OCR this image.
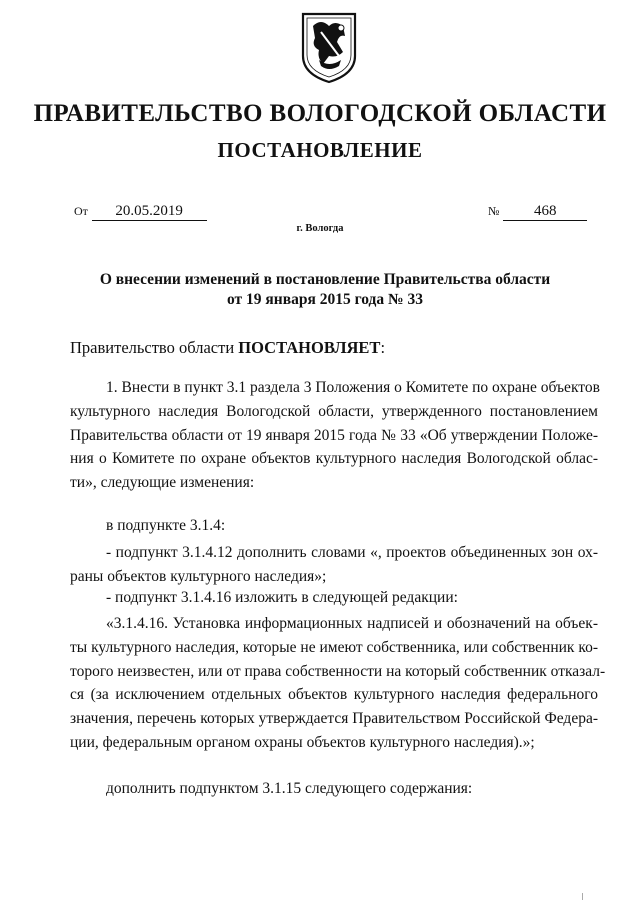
ПРАВИТЕЛЬСТВО ВОЛОГОДСКОЙ ОБЛАСТИ
ПОСТАНОВЛЕНИЕ
От 20.05.2019	№ 468
г. Вологда
О внесении изменений в постановление Правительства области
от 19 января 2015 года № 33

Правительство области ПОСТАНОВЛЯЕТ:

1. Внести в пункт 3.1 раздела 3 Положения о Комитете по охране объектов
культурного наследия Вологодской области, утвержденного постановлением
Правительства области от 19 января 2015 года № 33 «Об утверждении Положе-
ния о Комитете по охране объектов культурного наследия Вологодской облас-
ти», следующие изменения:

в подпункте 3.1.4:

- подпункт 3.1.4.12 дополнить словами «, проектов объединенных зон ох-
раны объектов культурного наследия»;

- подпункт 3.1.4.16 изложить в следующей редакции:

«3.1.4.16. Установка информационных надписей и обозначений на объек-
ты культурного наследия, которые не имеют собственника, или собственник ко-
торого неизвестен, или от права собственности на который собственник отказал-
ся (за исключением отдельных объектов культурного наследия федерального
значения, перечень которых утверждается Правительством Российской Федера-
ции, федеральным органом охраны объектов культурного наследия).»;

дополнить подпунктом 3.1.15 следующего содержания:
